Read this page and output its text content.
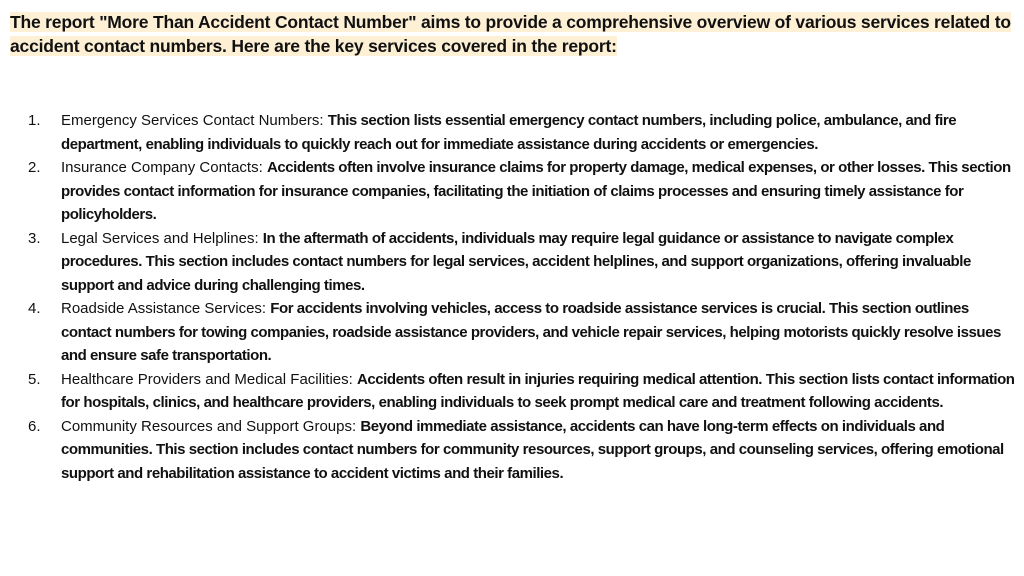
The report "More Than Accident Contact Number" aims to provide a comprehensive overview of various services related to accident contact numbers. Here are the key services covered in the report:
1.	Emergency Services Contact Numbers: This section lists essential emergency contact numbers, including police, ambulance, and fire department, enabling individuals to quickly reach out for immediate assistance during accidents or emergencies.
2.	Insurance Company Contacts: Accidents often involve insurance claims for property damage, medical expenses, or other losses. This section provides contact information for insurance companies, facilitating the initiation of claims processes and ensuring timely assistance for policyholders.
3.	Legal Services and Helplines: In the aftermath of accidents, individuals may require legal guidance or assistance to navigate complex procedures. This section includes contact numbers for legal services, accident helplines, and support organizations, offering invaluable support and advice during challenging times.
4.	Roadside Assistance Services: For accidents involving vehicles, access to roadside assistance services is crucial. This section outlines contact numbers for towing companies, roadside assistance providers, and vehicle repair services, helping motorists quickly resolve issues and ensure safe transportation.
5.	Healthcare Providers and Medical Facilities: Accidents often result in injuries requiring medical attention. This section lists contact information for hospitals, clinics, and healthcare providers, enabling individuals to seek prompt medical care and treatment following accidents.
6.	Community Resources and Support Groups: Beyond immediate assistance, accidents can have long-term effects on individuals and communities. This section includes contact numbers for community resources, support groups, and counseling services, offering emotional support and rehabilitation assistance to accident victims and their families.
